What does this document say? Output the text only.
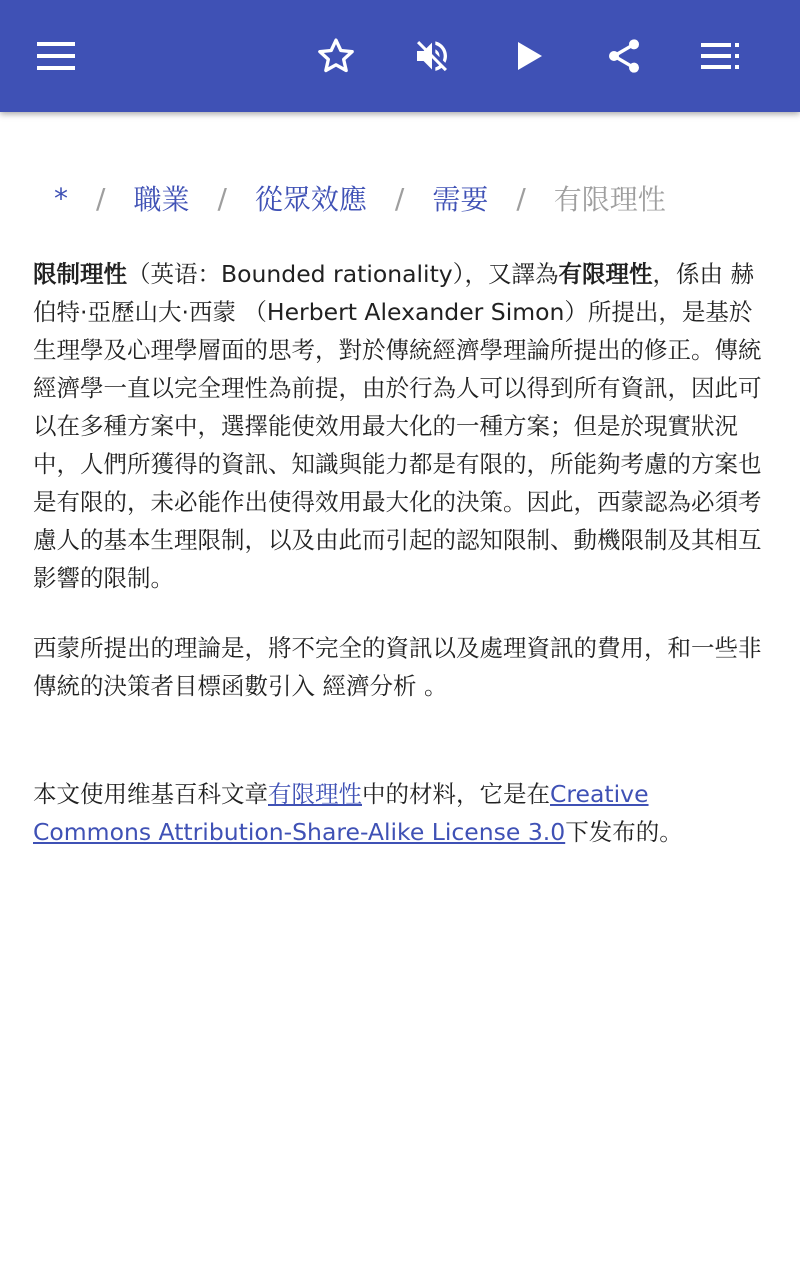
* / 職業 / 從眾效應 / 需要 / 有限理性

限制理性（英语：Bounded rationality），又譯為有限理性，係由 赫伯特·亞歷山大·西蒙 （Herbert Alexander Simon）所提出，是基於生理學及心理學層面的思考，對於傳統經濟學理論所提出的修正。傳統經濟學一直以完全理性為前提，由於行為人可以得到所有資訊，因此可以在多種方案中，選擇能使效用最大化的一種方案；但是於現實狀況中，人們所獲得的資訊、知識與能力都是有限的，所能夠考慮的方案也是有限的，未必能作出使得效用最大化的決策。因此，西蒙認為必須考慮人的基本生理限制，以及由此而引起的認知限制、動機限制及其相互影響的限制。

西蒙所提出的理論是，將不完全的資訊以及處理資訊的費用，和一些非傳統的決策者目標函數引入 經濟分析 。

本文使用维基百科文章有限理性中的材料，它是在Creative Commons Attribution-Share-Alike License 3.0下发布的。
